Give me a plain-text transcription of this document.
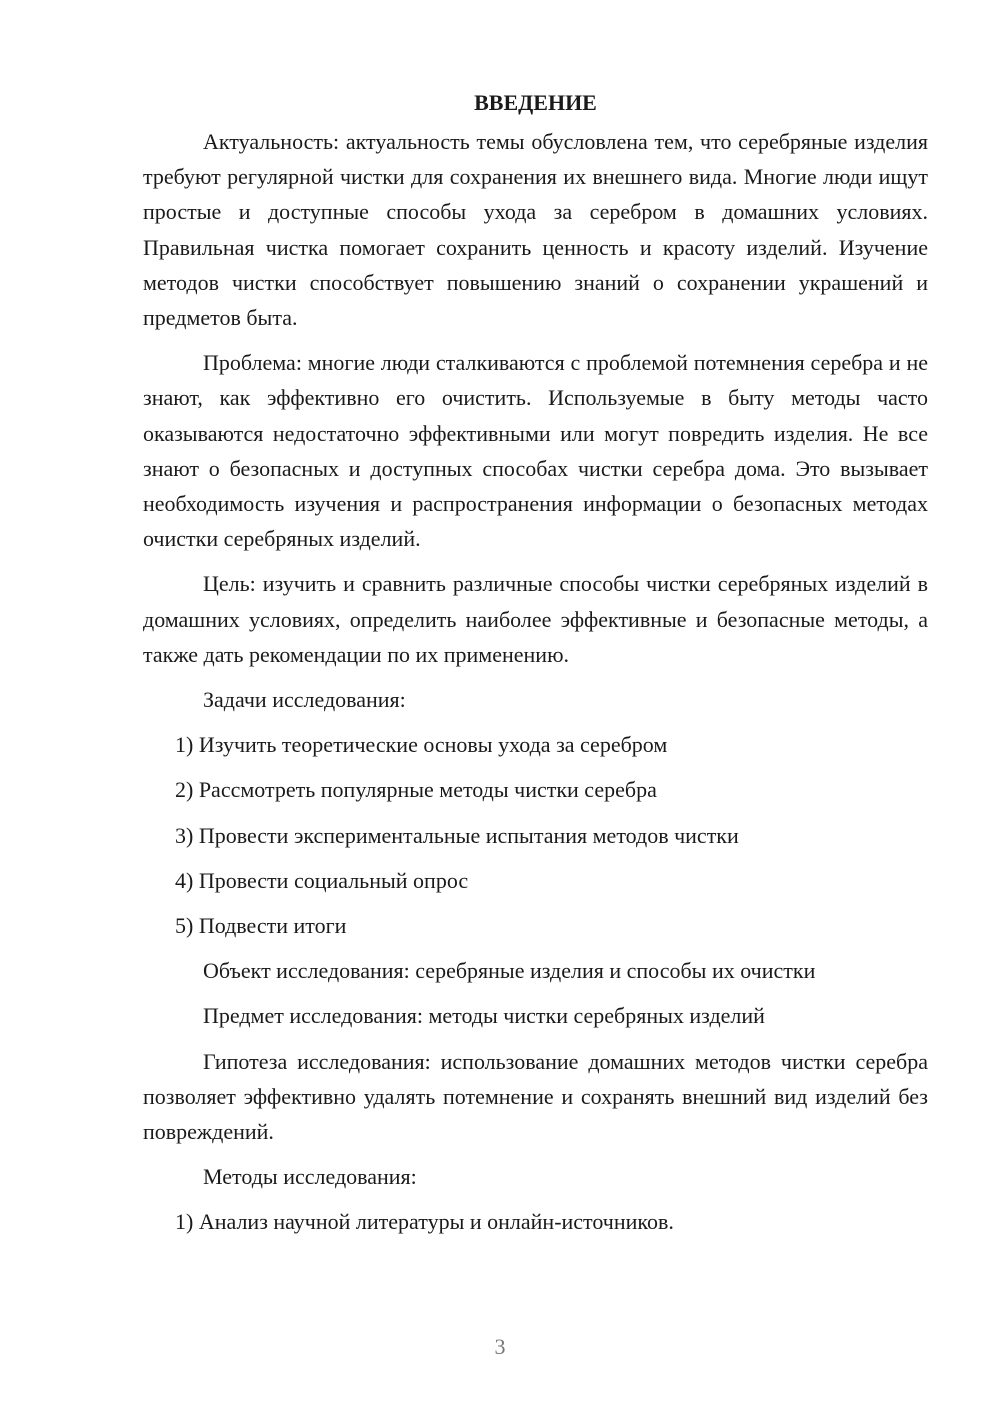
ВВЕДЕНИЕ
Актуальность: актуальность темы обусловлена тем, что серебряные изделия требуют регулярной чистки для сохранения их внешнего вида. Многие люди ищут простые и доступные способы ухода за серебром в домашних условиях. Правильная чистка помогает сохранить ценность и красоту изделий. Изучение методов чистки способствует повышению знаний о сохранении украшений и предметов быта.
Проблема: многие люди сталкиваются с проблемой потемнения серебра и не знают, как эффективно его очистить. Используемые в быту методы часто оказываются недостаточно эффективными или могут повредить изделия. Не все знают о безопасных и доступных способах чистки серебра дома. Это вызывает необходимость изучения и распространения информации о безопасных методах очистки серебряных изделий.
Цель: изучить и сравнить различные способы чистки серебряных изделий в домашних условиях, определить наиболее эффективные и безопасные методы, а также дать рекомендации по их применению.
Задачи исследования:
1) Изучить теоретические основы ухода за серебром
2) Рассмотреть популярные методы чистки серебра
3) Провести экспериментальные испытания методов чистки
4) Провести социальный опрос
5) Подвести итоги
Объект исследования: серебряные изделия и способы их очистки
Предмет исследования: методы чистки серебряных изделий
Гипотеза исследования: использование домашних методов чистки серебра позволяет эффективно удалять потемнение и сохранять внешний вид изделий без повреждений.
Методы исследования:
1) Анализ научной литературы и онлайн-источников.
3
